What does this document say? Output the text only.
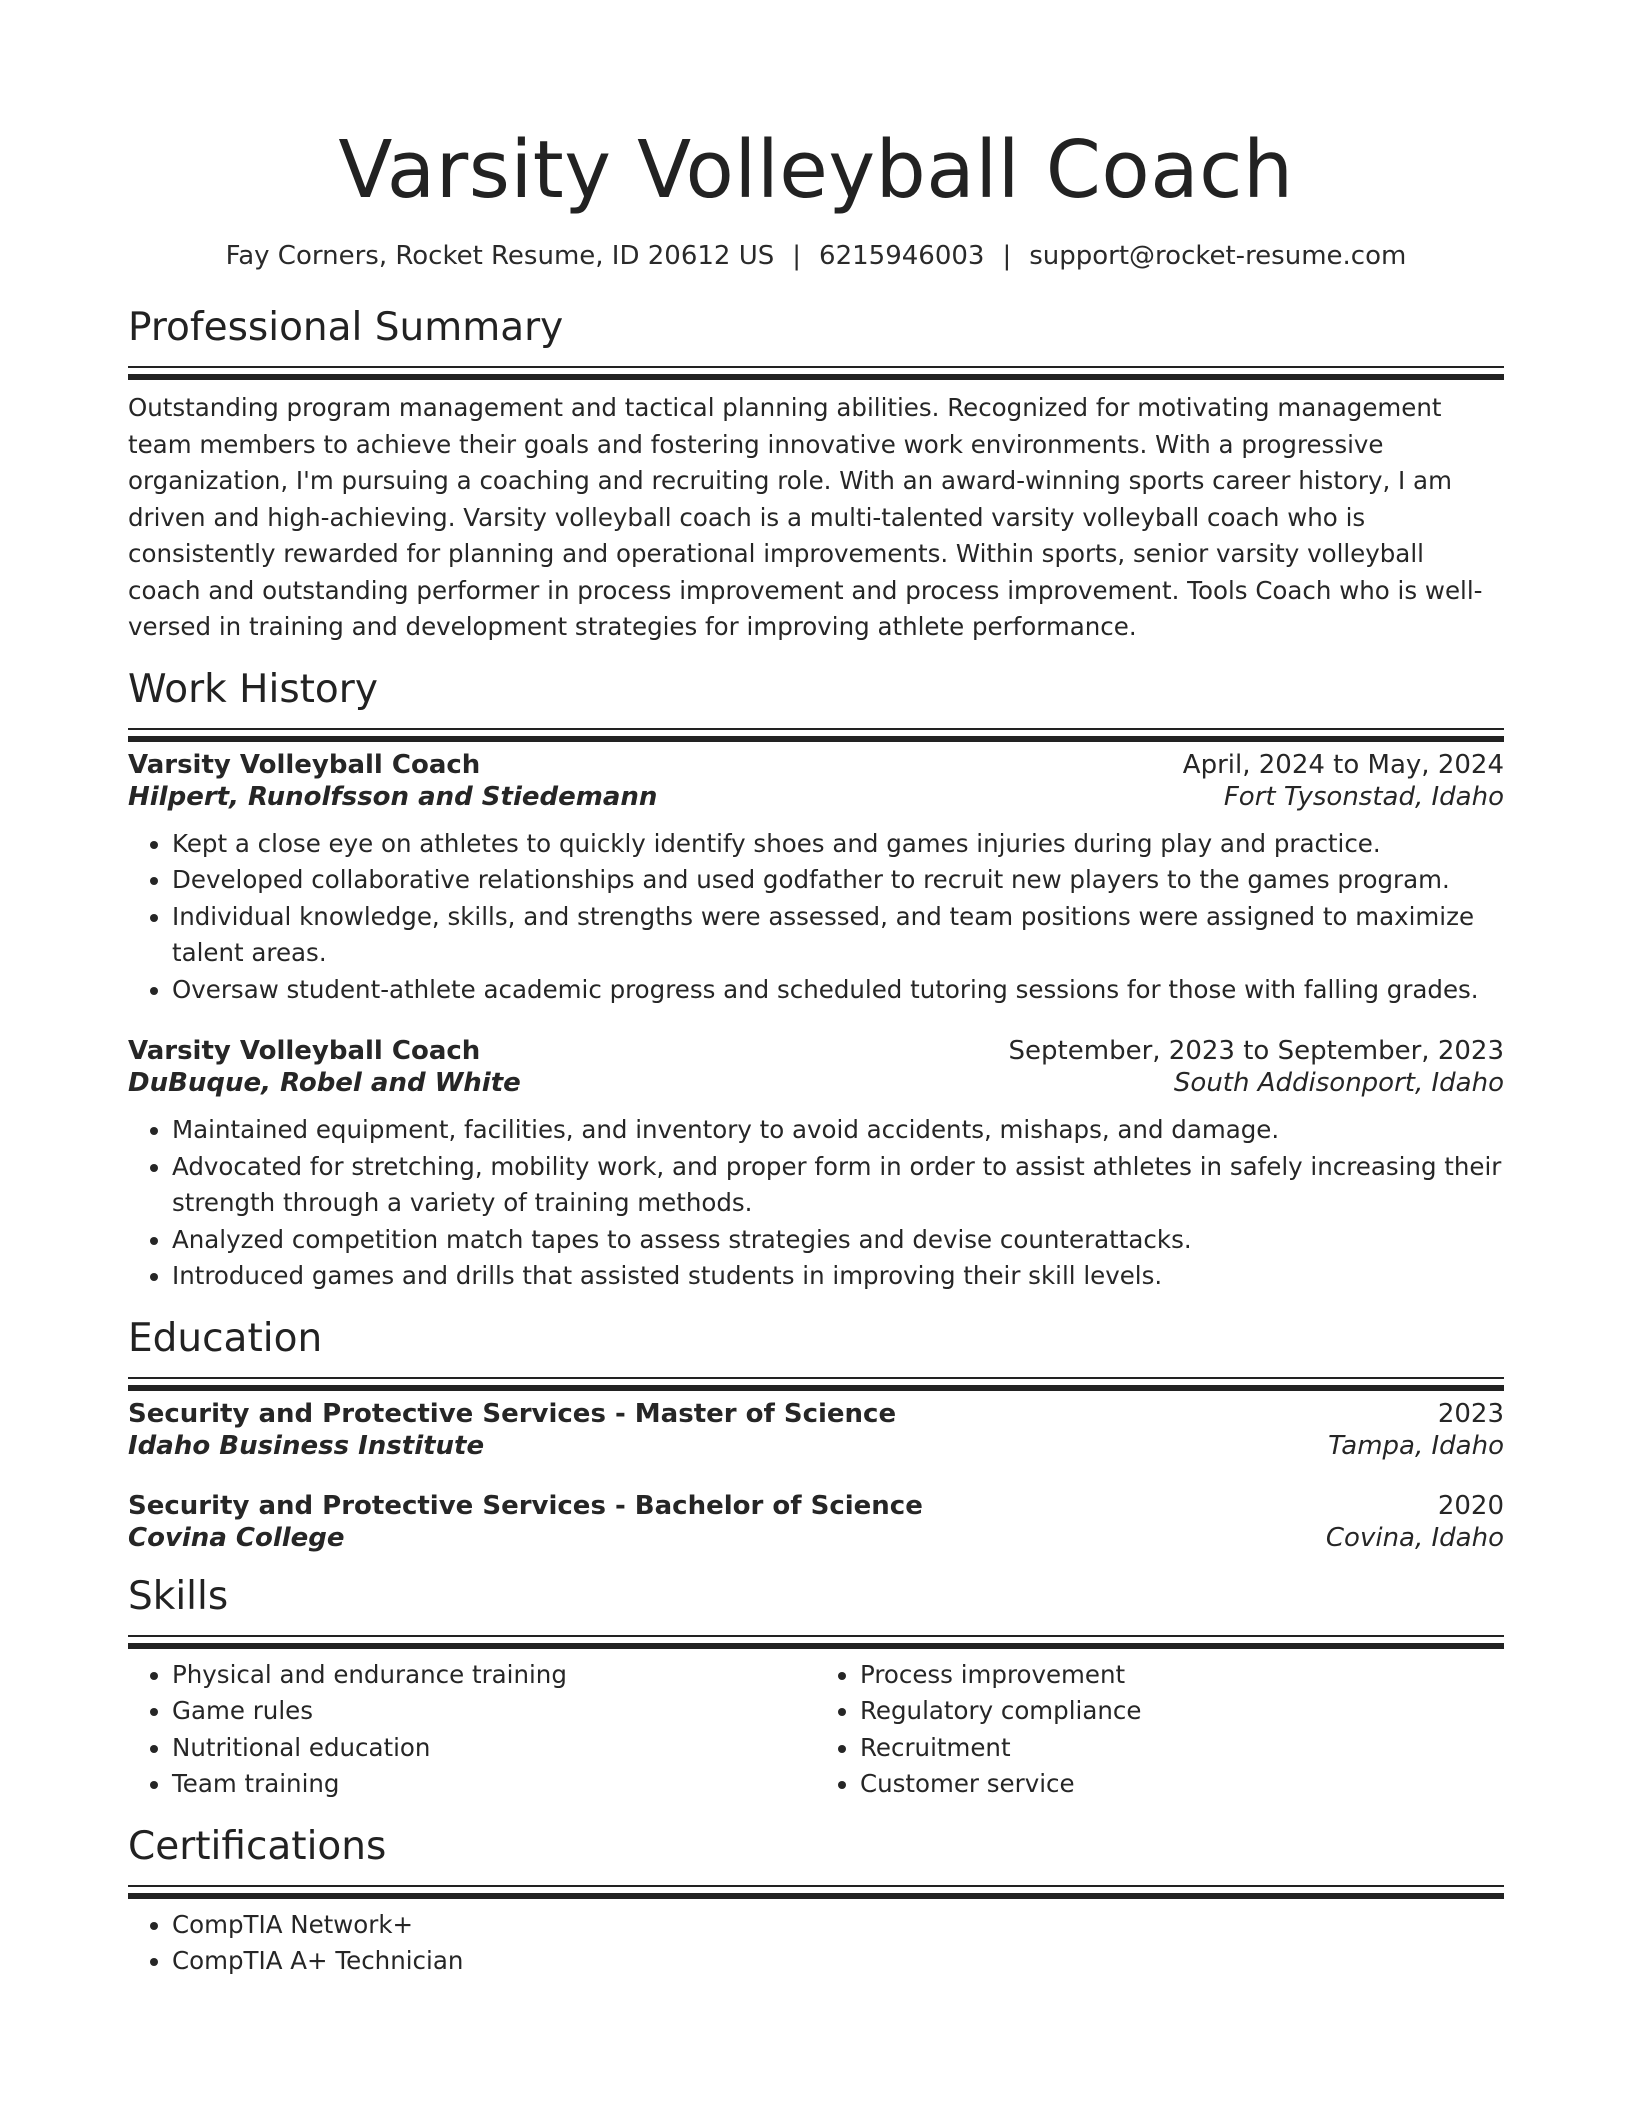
Varsity Volleyball Coach
Fay Corners, Rocket Resume, ID 20612 US | 6215946003 | support@rocket-resume.com
Professional Summary

Outstanding program management and tactical planning abilities. Recognized for motivating management team members to achieve their goals and fostering innovative work environments. With a progressive organization, I'm pursuing a coaching and recruiting role. With an award-winning sports career history, I am driven and high-achieving. Varsity volleyball coach is a multi-talented varsity volleyball coach who is consistently rewarded for planning and operational improvements. Within sports, senior varsity volleyball coach and outstanding performer in process improvement and process improvement. Tools Coach who is well-versed in training and development strategies for improving athlete performance.

Work History
Varsity Volleyball Coach	April, 2024 to May, 2024
Hilpert, Runolfsson and Stiedemann	Fort Tysonstad, Idaho
• Kept a close eye on athletes to quickly identify shoes and games injuries during play and practice.
• Developed collaborative relationships and used godfather to recruit new players to the games program.
• Individual knowledge, skills, and strengths were assessed, and team positions were assigned to maximize talent areas.
• Oversaw student-athlete academic progress and scheduled tutoring sessions for those with falling grades.
Varsity Volleyball Coach	September, 2023 to September, 2023
DuBuque, Robel and White	South Addisonport, Idaho
• Maintained equipment, facilities, and inventory to avoid accidents, mishaps, and damage.
• Advocated for stretching, mobility work, and proper form in order to assist athletes in safely increasing their strength through a variety of training methods.
• Analyzed competition match tapes to assess strategies and devise counterattacks.
• Introduced games and drills that assisted students in improving their skill levels.
Education
Security and Protective Services - Master of Science	2023
Idaho Business Institute	Tampa, Idaho
Security and Protective Services - Bachelor of Science	2020
Covina College	Covina, Idaho
Skills
• Physical and endurance training
• Game rules
• Nutritional education
• Team training
• Process improvement
• Regulatory compliance
• Recruitment
• Customer service
Certifications
• CompTIA Network+
• CompTIA A+ Technician
